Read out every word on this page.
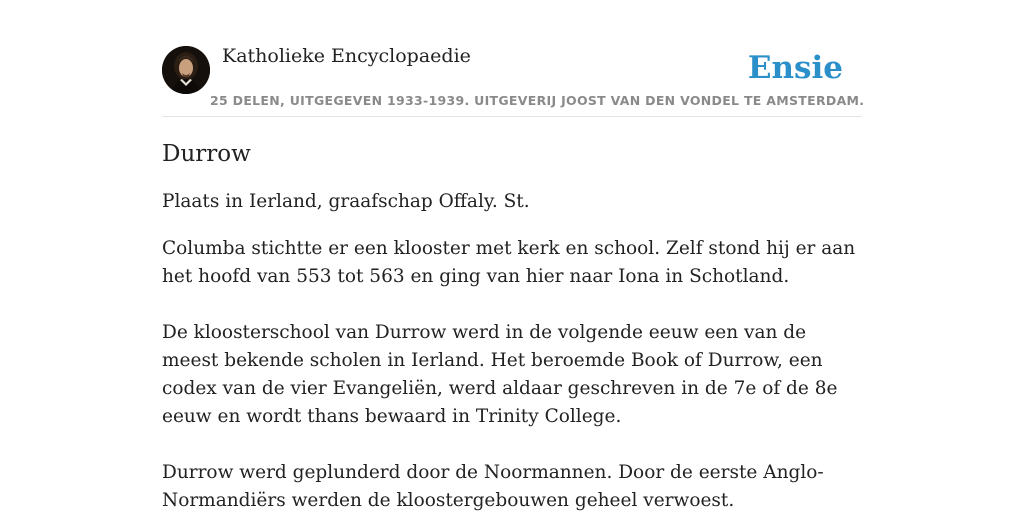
Katholieke Encyclopaedie
25 DELEN, UITGEGEVEN 1933-1939. UITGEVERIJ JOOST VAN DEN VONDEL TE AMSTERDAM.
Ensie
Durrow

Plaats in Ierland, graafschap Offaly. St.

Columba stichtte er een klooster met kerk en school. Zelf stond hij er aan het hoofd van 553 tot 563 en ging van hier naar Iona in Schotland.

De kloosterschool van Durrow werd in de volgende eeuw een van de meest bekende scholen in Ierland. Het beroemde Book of Durrow, een codex van de vier Evangeliën, werd aldaar geschreven in de 7e of de 8e eeuw en wordt thans bewaard in Trinity College.

Durrow werd geplunderd door de Noormannen. Door de eerste Anglo-Normandiërs werden de kloostergebouwen geheel verwoest.
